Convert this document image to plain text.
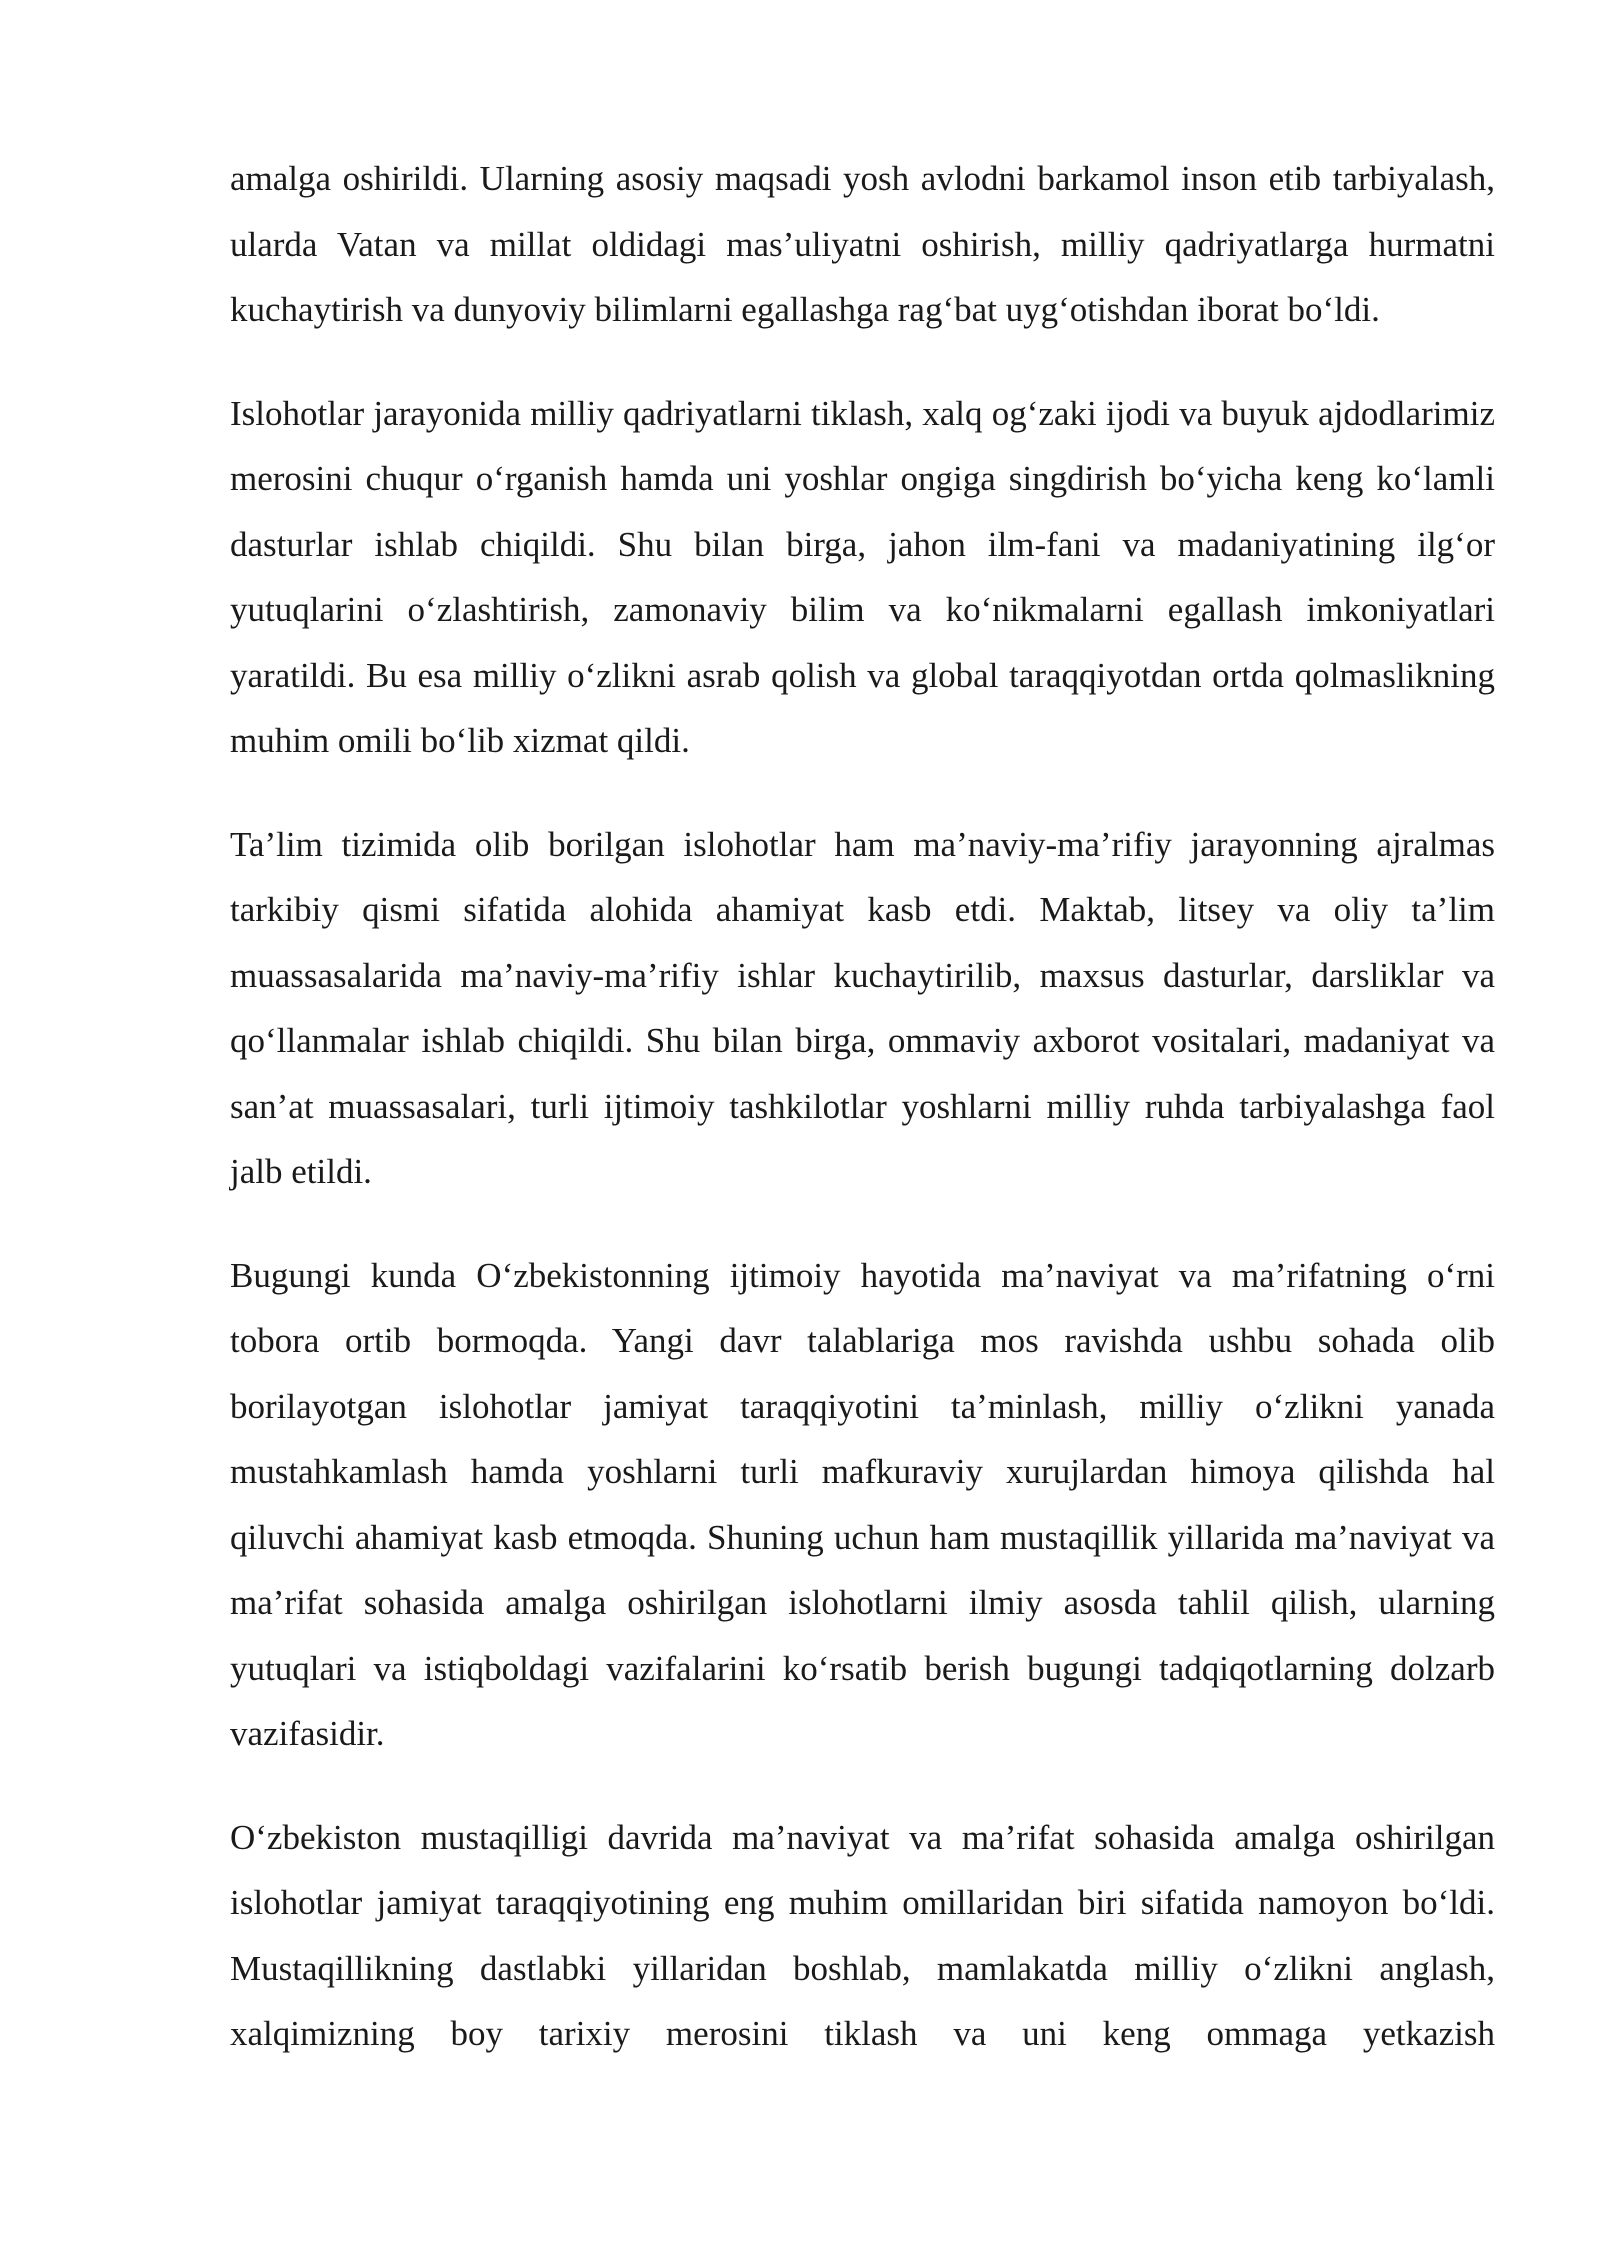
amalga oshirildi. Ularning asosiy maqsadi yosh avlodni barkamol inson etib tarbiyalash, ularda Vatan va millat oldidagi mas’uliyatni oshirish, milliy qadriyatlarga hurmatni kuchaytirish va dunyoviy bilimlarni egallashga rag‘bat uyg‘otishdan iborat bo‘ldi.

Islohotlar jarayonida milliy qadriyatlarni tiklash, xalq og‘zaki ijodi va buyuk ajdodlarimiz merosini chuqur o‘rganish hamda uni yoshlar ongiga singdirish bo‘yicha keng ko‘lamli dasturlar ishlab chiqildi. Shu bilan birga, jahon ilm-fani va madaniyatining ilg‘or yutuqlarini o‘zlashtirish, zamonaviy bilim va ko‘nikmalarni egallash imkoniyatlari yaratildi. Bu esa milliy o‘zlikni asrab qolish va global taraqqiyotdan ortda qolmaslikning muhim omili bo‘lib xizmat qildi.

Ta’lim tizimida olib borilgan islohotlar ham ma’naviy-ma’rifiy jarayonning ajralmas tarkibiy qismi sifatida alohida ahamiyat kasb etdi. Maktab, litsey va oliy ta’lim muassasalarida ma’naviy-ma’rifiy ishlar kuchaytirilib, maxsus dasturlar, darsliklar va qo‘llanmalar ishlab chiqildi. Shu bilan birga, ommaviy axborot vositalari, madaniyat va san’at muassasalari, turli ijtimoiy tashkilotlar yoshlarni milliy ruhda tarbiyalashga faol jalb etildi.

Bugungi kunda O‘zbekistonning ijtimoiy hayotida ma’naviyat va ma’rifatning o‘rni tobora ortib bormoqda. Yangi davr talablariga mos ravishda ushbu sohada olib borilayotgan islohotlar jamiyat taraqqiyotini ta’minlash, milliy o‘zlikni yanada mustahkamlash hamda yoshlarni turli mafkuraviy xurujlardan himoya qilishda hal qiluvchi ahamiyat kasb etmoqda. Shuning uchun ham mustaqillik yillarida ma’naviyat va ma’rifat sohasida amalga oshirilgan islohotlarni ilmiy asosda tahlil qilish, ularning yutuqlari va istiqboldagi vazifalarini ko‘rsatib berish bugungi tadqiqotlarning dolzarb vazifasidir.

O‘zbekiston mustaqilligi davrida ma’naviyat va ma’rifat sohasida amalga oshirilgan islohotlar jamiyat taraqqiyotining eng muhim omillaridan biri sifatida namoyon bo‘ldi. Mustaqillikning dastlabki yillaridan boshlab, mamlakatda milliy o‘zlikni anglash, xalqimizning boy tarixiy merosini tiklash va uni keng ommaga yetkazish
